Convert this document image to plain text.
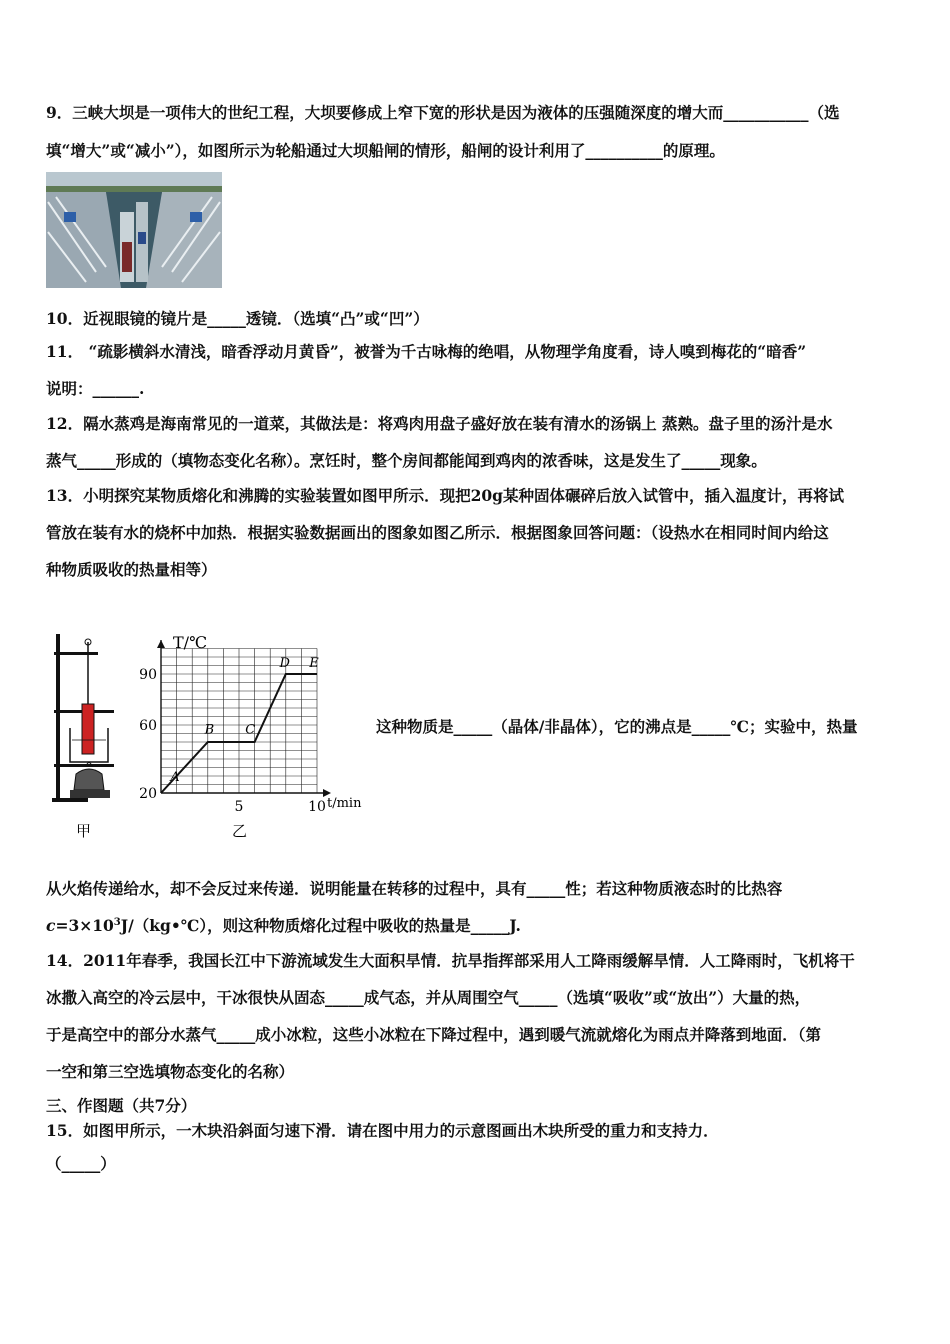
9．三峡大坝是一项伟大的世纪工程，大坝要修成上窄下宽的形状是因为液体的压强随深度的增大而___________（选
填“增大”或“减小”），如图所示为轮船通过大坝船闸的情形，船闸的设计利用了__________的原理。
10．近视眼镜的镜片是_____透镜．（选填“凸”或“凹”）
11． “疏影横斜水清浅，暗香浮动月黄昏”，被誉为千古咏梅的绝唱，从物理学角度看，诗人嗅到梅花的“暗香”
说明：______.
12．隔水蒸鸡是海南常见的一道菜，其做法是：将鸡肉用盘子盛好放在装有清水的汤锅上 蒸熟。盘子里的汤汁是水
蒸气_____形成的（填物态变化名称）。烹饪时，整个房间都能闻到鸡肉的浓香味，这是发生了_____现象。
13．小明探究某物质熔化和沸腾的实验装置如图甲所示．现把20g某种固体碾碎后放入试管中，插入温度计，再将试
管放在装有水的烧杯中加热．根据实验数据画出的图象如图乙所示．根据图象回答问题：（设热水在相同时间内给这
种物质吸收的热量相等）
甲
T/℃
t/min
20
60
90
5	10
A
B C
D E
乙
这种物质是_____（晶体/非晶体），它的沸点是_____℃；实验中，热量
从火焰传递给水，却不会反过来传递．说明能量在转移的过程中，具有_____性；若这种物质液态时的比热容
$c=3\times 10^3J/(kg•℃)$，则这种物质熔化过程中吸收的热量是_____J.
14．2011年春季，我国长江中下游流域发生大面积旱情．抗旱指挥部采用人工降雨缓解旱情．人工降雨时，飞机将干
冰撒入高空的冷云层中，干冰很快从固态_____成气态，并从周围空气_____（选填“吸收”或“放出”）大量的热，
于是高空中的部分水蒸气_____成小冰粒，这些小冰粒在下降过程中，遇到暖气流就熔化为雨点并降落到地面．（第
一空和第三空选填物态变化的名称）
三、作图题（共7分）
15．如图甲所示，一木块沿斜面匀速下滑．请在图中用力的示意图画出木块所受的重力和支持力．
（_____）
